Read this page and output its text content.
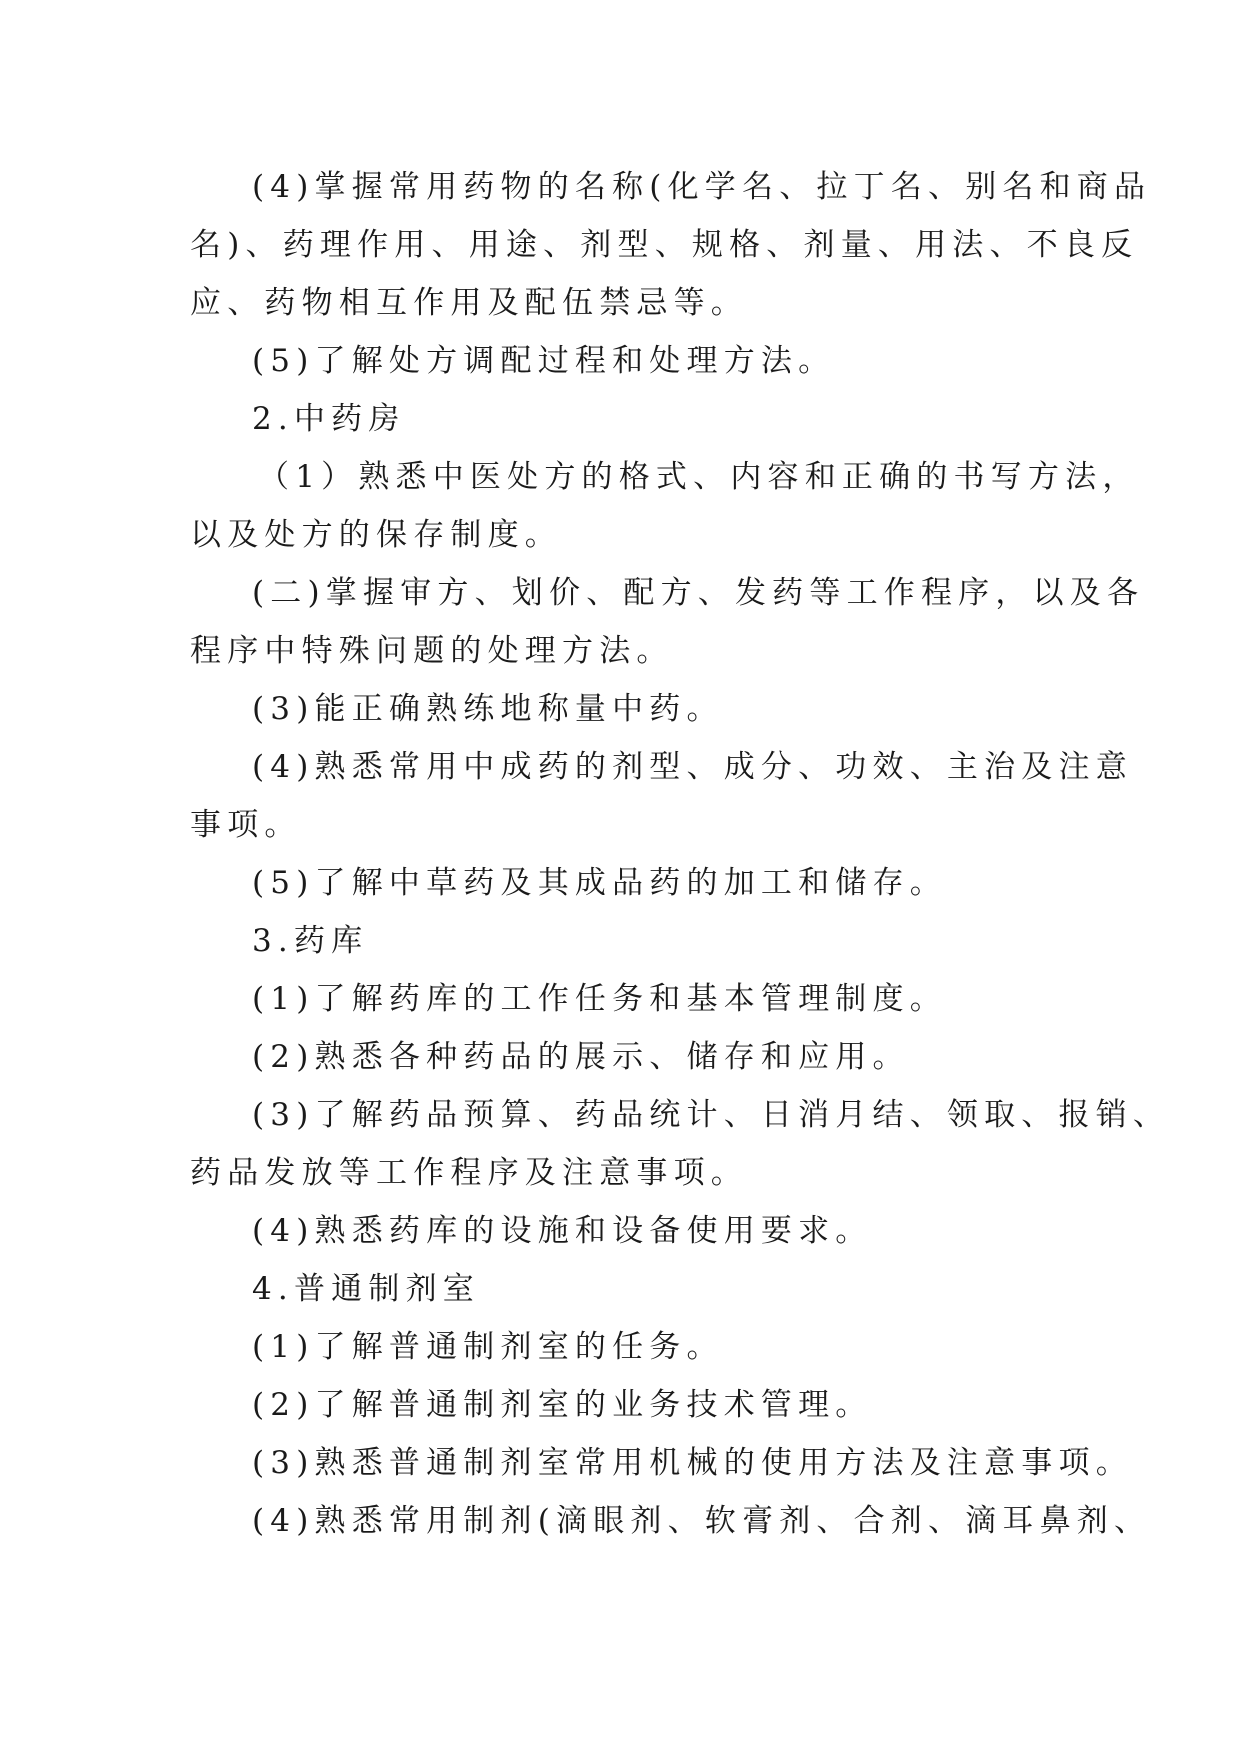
(4)掌握常用药物的名称(化学名、拉丁名、别名和商品
名)、药理作用、用途、剂型、规格、剂量、用法、不良反
应、药物相互作用及配伍禁忌等。
(5)了解处方调配过程和处理方法。
2.中药房
（1）熟悉中医处方的格式、内容和正确的书写方法，
以及处方的保存制度。
(二)掌握审方、划价、配方、发药等工作程序，以及各
程序中特殊问题的处理方法。
(3)能正确熟练地称量中药。
(4)熟悉常用中成药的剂型、成分、功效、主治及注意
事项。
(5)了解中草药及其成品药的加工和储存。
3.药库
(1)了解药库的工作任务和基本管理制度。
(2)熟悉各种药品的展示、储存和应用。
(3)了解药品预算、药品统计、日消月结、领取、报销、
药品发放等工作程序及注意事项。
(4)熟悉药库的设施和设备使用要求。
4.普通制剂室
(1)了解普通制剂室的任务。
(2)了解普通制剂室的业务技术管理。
(3)熟悉普通制剂室常用机械的使用方法及注意事项。
(4)熟悉常用制剂(滴眼剂、软膏剂、合剂、滴耳鼻剂、
